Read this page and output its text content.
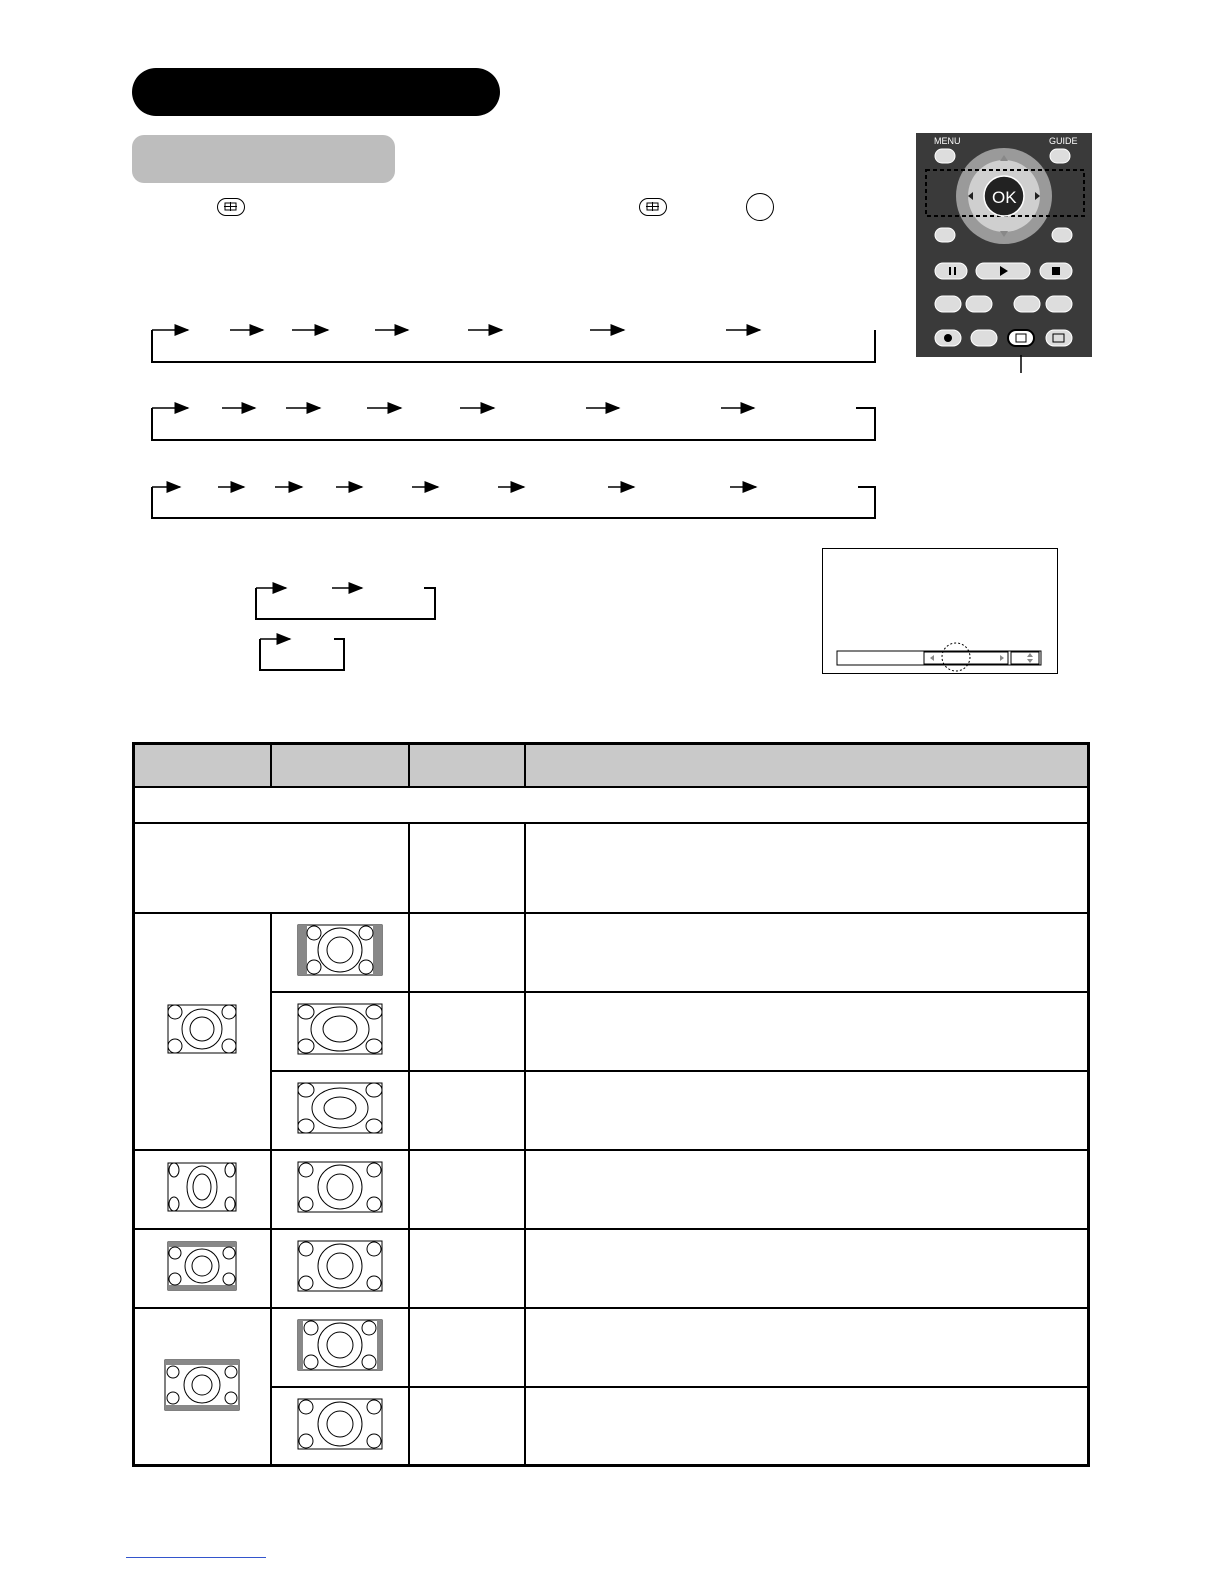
MENU	GUIDE
OK
